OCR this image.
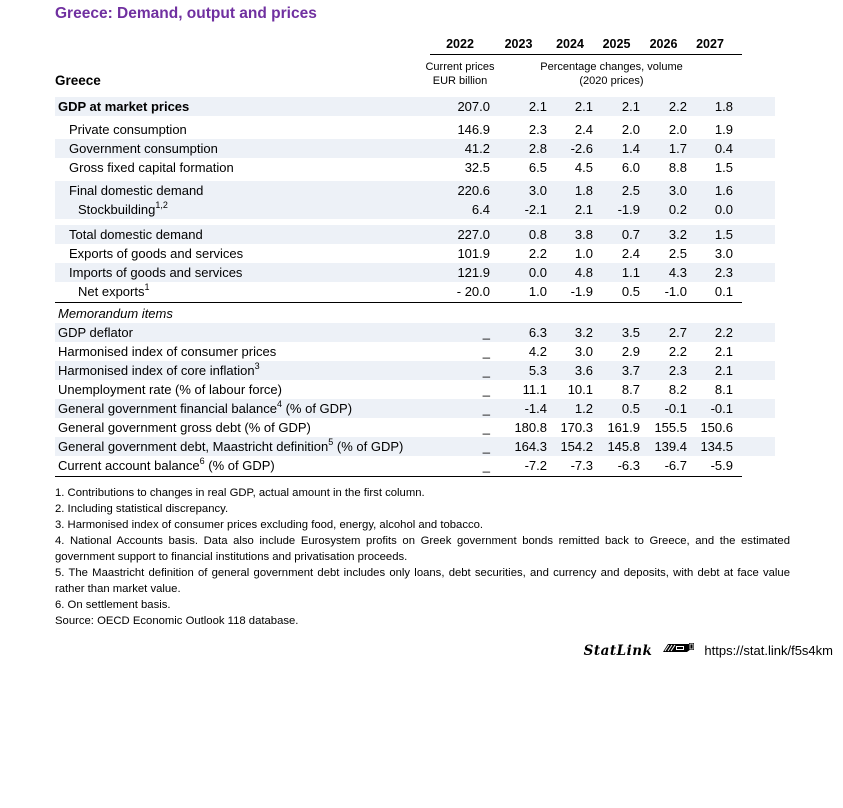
Greece: Demand, output and prices
2022	2023	2024	2025	2026	2027
Current prices
EUR billion
Percentage changes, volume
(2020 prices)
Greece
GDP at market prices	207.0	2.1	2.1	2.1	2.2	1.8
Private consumption	146.9	2.3	2.4	2.0	2.0	1.9
Government consumption	41.2	2.8	-2.6	1.4	1.7	0.4
Gross fixed capital formation	32.5	6.5	4.5	6.0	8.8	1.5
Final domestic demand	220.6	3.0	1.8	2.5	3.0	1.6
Stockbuilding$^{1,2}$	6.4	-2.1	2.1	-1.9	0.2	0.0
Total domestic demand	227.0	0.8	3.8	0.7	3.2	1.5
Exports of goods and services	101.9	2.2	1.0	2.4	2.5	3.0
Imports of goods and services	121.9	0.0	4.8	1.1	4.3	2.3
Net exports$^1$	- 20.0	1.0	-1.9	0.5	-1.0	0.1
Memorandum items
GDP deflator	_	6.3	3.2	3.5	2.7	2.2
Harmonised index of consumer prices	_	4.2	3.0	2.9	2.2	2.1
Harmonised index of core inflation$^3$	_	5.3	3.6	3.7	2.3	2.1
Unemployment rate (% of labour force)	_	11.1	10.1	8.7	8.2	8.1
General government financial balance$^4$ (% of GDP)	_	-1.4	1.2	0.5	-0.1	-0.1
General government gross debt (% of GDP)	_	180.8	170.3	161.9	155.5	150.6
General government debt, Maastricht definition$^5$ (% of GDP)	_	164.3	154.2	145.8	139.4	134.5
Current account balance$^6$ (% of GDP)	_	-7.2	-7.3	-6.3	-6.7	-5.9
1. Contributions to changes in real GDP, actual amount in the first column.
2. Including statistical discrepancy.
3. Harmonised index of consumer prices excluding food, energy, alcohol and tobacco.
4. National Accounts basis. Data also include Eurosystem profits on Greek government bonds remitted back to Greece, and the estimated government support to financial institutions and privatisation proceeds.
5. The Maastricht definition of general government debt includes only loans, debt securities, and currency and deposits, with debt at face value rather than market value.
6. On settlement basis.
Source: OECD Economic Outlook 118 database.
StatLink	https://stat.link/f5s4km
